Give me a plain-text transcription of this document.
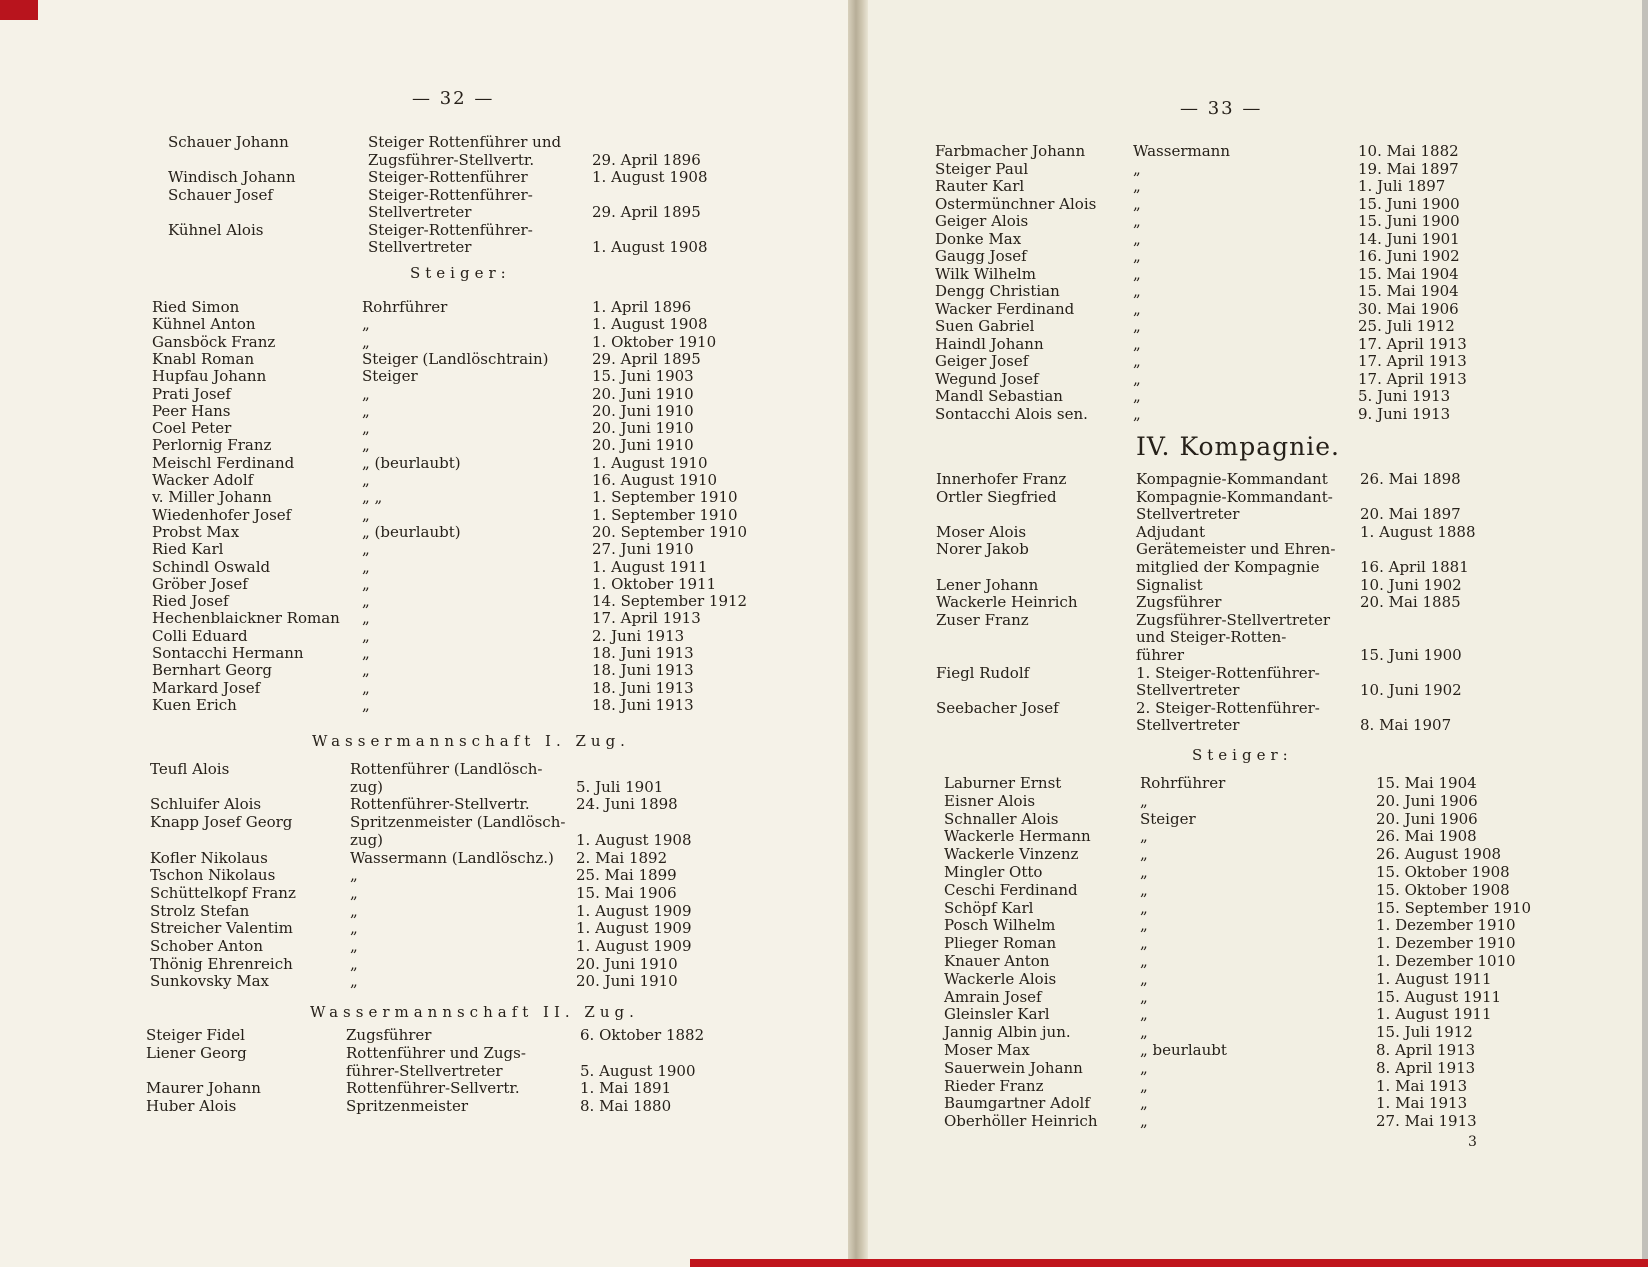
— 32 —
Schauer Johann	Steiger Rottenführer und
Zugsführer-Stellvertr.	29. April 1896
Windisch Johann	Steiger-Rottenführer	1. August 1908
Schauer Josef	Steiger-Rottenführer-
Stellvertreter	29. April 1895
Kühnel Alois	Steiger-Rottenführer-
Stellvertreter	1. August 1908
Steiger:
Ried Simon	Rohrführer	1. April 1896
Kühnel Anton	„	1. August 1908
Gansböck Franz	„	1. Oktober 1910
Knabl Roman	Steiger (Landlöschtrain)	29. April 1895
Hupfau Johann	Steiger	15. Juni 1903
Prati Josef	„	20. Juni 1910
Peer Hans	„	20. Juni 1910
Coel Peter	„	20. Juni 1910
Perlornig Franz	„	20. Juni 1910
Meischl Ferdinand	„ (beurlaubt)	1. August 1910
Wacker Adolf	„	16. August 1910
v. Miller Johann	„ „	1. September 1910
Wiedenhofer Josef	„	1. September 1910
Probst Max	„ (beurlaubt)	20. September 1910
Ried Karl	„	27. Juni 1910
Schindl Oswald	„	1. August 1911
Gröber Josef	„	1. Oktober 1911
Ried Josef	„	14. September 1912
Hechenblaickner Roman „	17. April 1913
Colli Eduard	„	2. Juni 1913
Sontacchi Hermann	„	18. Juni 1913
Bernhart Georg	„	18. Juni 1913
Markard Josef	„	18. Juni 1913
Kuen Erich	„	18. Juni 1913
Wassermannschaft I. Zug.
Teufl Alois	Rottenführer (Landlösch-
zug)	5. Juli 1901
Schluifer Alois	Rottenführer-Stellvertr.	24. Juni 1898
Knapp Josef Georg	Spritzenmeister (Landlösch-
zug)	1. August 1908
Kofler Nikolaus	Wassermann (Landlöschz.) 2. Mai 1892
Tschon Nikolaus	„	25. Mai 1899
Schüttelkopf Franz	„	15. Mai 1906
Strolz Stefan	„	1. August 1909
Streicher Valentim	„	1. August 1909
Schober Anton	„	1. August 1909
Thönig Ehrenreich	„	20. Juni 1910
Sunkovsky Max	„	20. Juni 1910
Wassermannschaft II. Zug.
Steiger Fidel	Zugsführer	6. Oktober 1882
Liener Georg	Rottenführer und Zugs-
führer-Stellvertreter	5. August 1900
Maurer Johann	Rottenführer-Sellvertr.	1. Mai 1891
Huber Alois	Spritzenmeister	8. Mai 1880
— 33 —
Farbmacher Johann	Wassermann	10. Mai 1882
Steiger Paul	„	19. Mai 1897
Rauter Karl	„	1. Juli 1897
Ostermünchner Alois „	15. Juni 1900
Geiger Alois	„	15. Juni 1900
Donke Max	„	14. Juni 1901
Gaugg Josef	„	16. Juni 1902
Wilk Wilhelm	„	15. Mai 1904
Dengg Christian	„	15. Mai 1904
Wacker Ferdinand	„	30. Mai 1906
Suen Gabriel	„	25. Juli 1912
Haindl Johann	„	17. April 1913
Geiger Josef	„	17. April 1913
Wegund Josef	„	17. April 1913
Mandl Sebastian	„	5. Juni 1913
Sontacchi Alois sen.	„	9. Juni 1913
IV. Kompagnie.
Innerhofer Franz	Kompagnie-Kommandant 26. Mai 1898
Ortler Siegfried	Kompagnie-Kommandant-
Stellvertreter	20. Mai 1897
Moser Alois	Adjudant	1. August 1888
Norer Jakob	Gerätemeister und Ehren-
mitglied der Kompagnie	16. April 1881
Lener Johann	Signalist	10. Juni 1902
Wackerle Heinrich	Zugsführer	20. Mai 1885
Zuser Franz	Zugsführer-Stellvertreter
und Steiger-Rotten-
führer	15. Juni 1900
Fiegl Rudolf	1. Steiger-Rottenführer-
Stellvertreter	10. Juni 1902
Seebacher Josef	2. Steiger-Rottenführer-
Stellvertreter	8. Mai 1907
Steiger:
Laburner Ernst	Rohrführer	15. Mai 1904
Eisner Alois	„	20. Juni 1906
Schnaller Alois	Steiger	20. Juni 1906
Wackerle Hermann	„	26. Mai 1908
Wackerle Vinzenz	„	26. August 1908
Mingler Otto	„	15. Oktober 1908
Ceschi Ferdinand	„	15. Oktober 1908
Schöpf Karl	„	15. September 1910
Posch Wilhelm	„	1. Dezember 1910
Plieger Roman	„	1. Dezember 1910
Knauer Anton	„	1. Dezember 1010
Wackerle Alois	„	1. August 1911
Amrain Josef	„	15. August 1911
Gleinsler Karl	„	1. August 1911
Jannig Albin jun.	„	15. Juli 1912
Moser Max	„ beurlaubt	8. April 1913
Sauerwein Johann	„	8. April 1913
Rieder Franz	„	1. Mai 1913
Baumgartner Adolf	„	1. Mai 1913
Oberhöller Heinrich	„	27. Mai 1913
3
